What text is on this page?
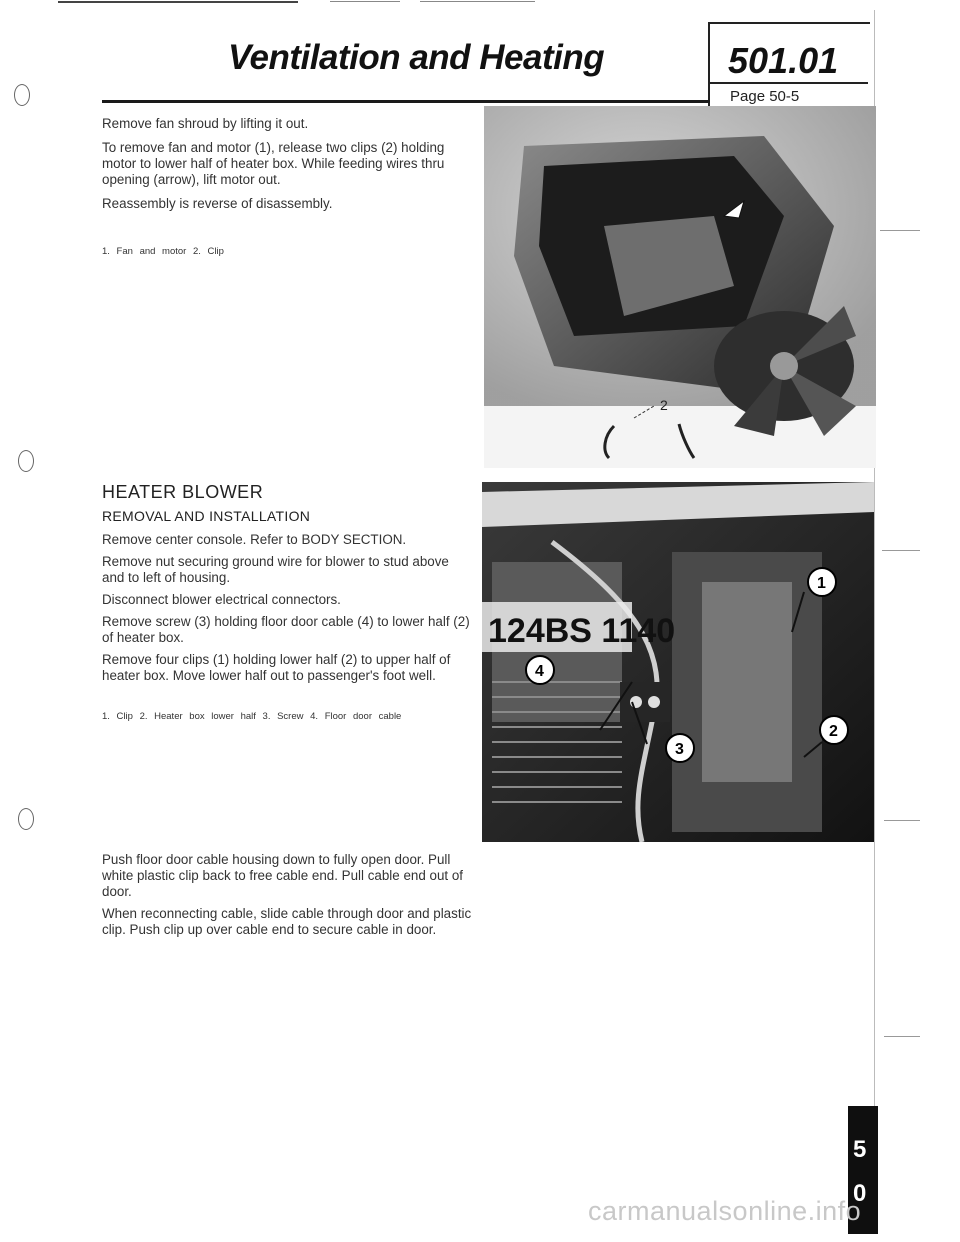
Ventilation and Heating	501.01
Page 50-5
Remove fan shroud by lifting it out.
To remove fan and motor (1), release two clips (2) holding motor to lower half of heater box. While feeding wires thru opening (arrow), lift motor out.
Reassembly is reverse of disassembly.
1. Fan and motor 2. Clip
2
HEATER BLOWER
REMOVAL AND INSTALLATION
Remove center console. Refer to BODY SECTION.
Remove nut securing ground wire for blower to stud above and to left of housing.
Disconnect blower electrical connectors.
Remove screw (3) holding floor door cable (4) to lower half (2) of heater box.
Remove four clips (1) holding lower half (2) to upper half of heater box. Move lower half out to passenger's foot well.
1. Clip 2. Heater box lower half 3. Screw 4. Floor door cable
124BS 1140
1
2
3
4
Push floor door cable housing down to fully open door. Pull white plastic clip back to free cable end. Pull cable end out of door.
When reconnecting cable, slide cable through door and plastic clip. Push clip up over cable end to secure cable in door.
5
0
carmanualsonline.info
